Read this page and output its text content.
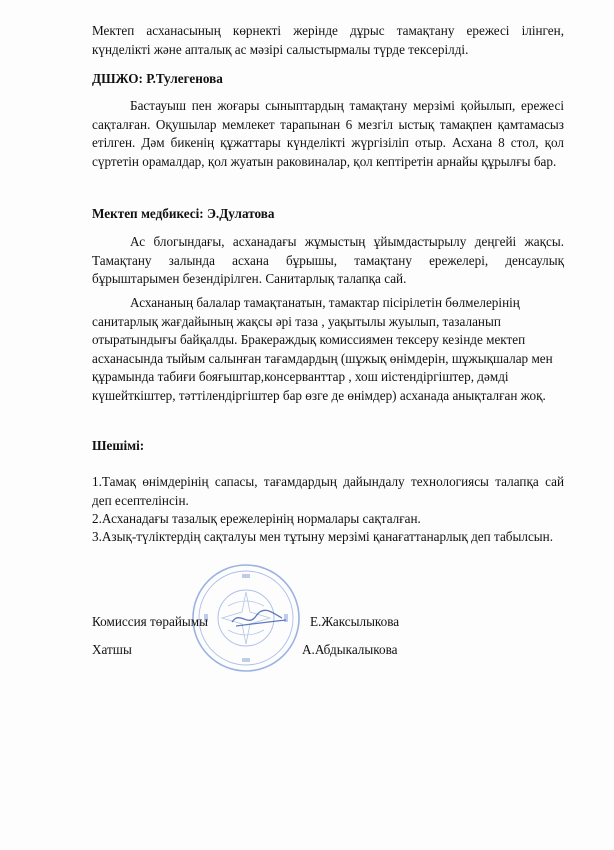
Мектеп асханасының көрнекті жерінде дұрыс тамақтану ережесі ілінген, күнделікті және апталық ас мәзірі салыстырмалы түрде тексерілді.

ДШЖО: Р.Тулегенова

Бастауыш пен жоғары сыныптардың тамақтану мерзімі қойылып, ережесі сақталған. Оқушылар мемлекет тарапынан 6 мезгіл ыстық тамақпен қамтамасыз етілген. Дәм бикенің құжаттары күнделікті жүргізіліп отыр. Асхана 8 стол, қол сүртетін орамалдар, қол жуатын раковиналар, қол кептіретін арнайы құрылғы бар.

Мектеп медбикесі: Э.Дулатова

Ас блогындағы, асханадағы жұмыстың ұйымдастырылу деңгейі жақсы. Тамақтану залында асхана бұрышы, тамақтану ережелері, денсаулық бұрыштарымен безендірілген. Санитарлық талапқа сай.

Асхананың балалар тамақтанатын, тамактар пісірілетін бөлмелерінің санитарлық жағдайының жақсы әрі таза , уақытылы жуылып, тазаланып отыратындығы байқалды. Бракераждық комиссиямен тексеру кезінде мектеп асханасында тыйым салынған тағамдардың (шұжық өнімдерін, шұжықшалар мен құрамында табиғи бояғыштар,консерванттар , хош иістендіргіштер, дәмді күшейткіштер, тәттілендіргіштер бар өзге де өнімдер) асханада анықталған жоқ.

Шешімі:

1.Тамақ өнімдерінің сапасы, тағамдардың дайындалу технологиясы талапқа сай деп есептелінсін.

2.Асханадағы тазалық ережелерінің нормалары сақталған.

3.Азық-түліктердің сақталуы мен тұтыну мерзімі қанағаттанарлық деп табылсын.

Комиссия төрайымы	Е.Жаксылыкова
Хатшы	А.Абдыкалыкова
